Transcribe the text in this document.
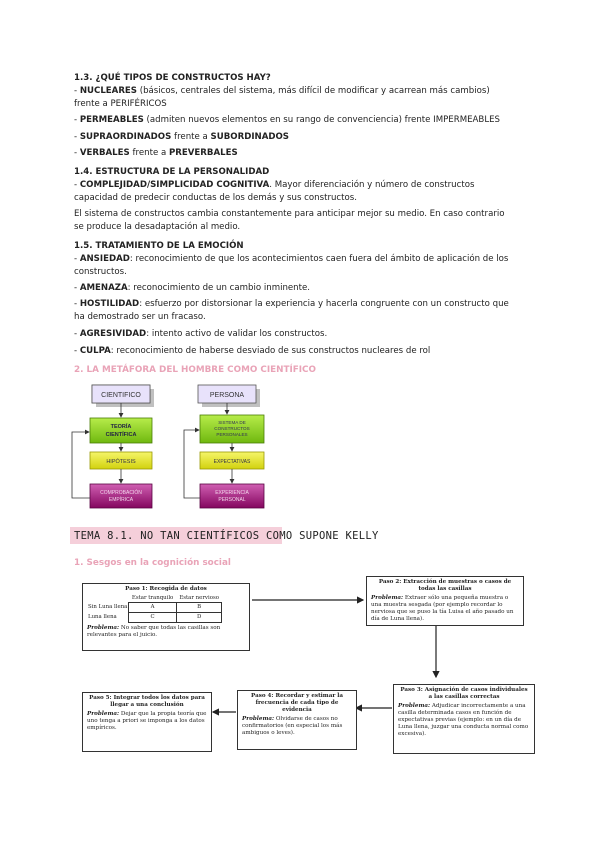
1.3. ¿QUÉ TIPOS DE CONSTRUCTOS HAY?
- NUCLEARES (básicos, centrales del sistema, más difícil de modificar y acarrean más cambios)
frente a PERIFÉRICOS
- PERMEABLES (admiten nuevos elementos en su rango de convenciencia) frente IMPERMEABLES
- SUPRAORDINADOS frente a SUBORDINADOS
- VERBALES frente a PREVERBALES
1.4. ESTRUCTURA DE LA PERSONALIDAD
- COMPLEJIDAD/SIMPLICIDAD COGNITIVA. Mayor diferenciación y número de constructos
capacidad de predecir conductas de los demás y sus constructos.
El sistema de constructos cambia constantemente para anticipar mejor su medio. En caso contrario
se produce la desadaptación al medio.
1.5. TRATAMIENTO DE LA EMOCIÓN
- ANSIEDAD: reconocimiento de que los acontecimientos caen fuera del ámbito de aplicación de los
constructos.
- AMENAZA: reconocimiento de un cambio inminente.
- HOSTILIDAD: esfuerzo por distorsionar la experiencia y hacerla congruente con un constructo que
ha demostrado ser un fracaso.
- AGRESIVIDAD: intento activo de validar los constructos.
- CULPA: reconocimiento de haberse desviado de sus constructos nucleares de rol
2. LA METÁFORA DEL HOMBRE COMO CIENTÍFICO
CIENTIFICO
TEORÍA CIENTÍFICA
HIPÓTESIS
COMPROBACIÓN EMPÍRICA
PERSONA
SISTEMA DE CONSTRUCTOS PERSONALES
EXPECTATIVAS
EXPERIENCIA PERSONAL
TEMA 8.1. NO TAN CIENTÍFICOS COMO SUPONE KELLY
1. Sesgos en la cognición social
Paso 1: Recogida de datos
	Estar tranquilo	Estar nervioso
Sin Luna llena	A	B
Luna llena	C	D
Problema: No saber que todas las casillas son relevantes para el juicio.
Paso 2: Extracción de muestras o casos de todas las casillas
Problema: Extraer sólo una pequeña muestra o una muestra sesgada (por ejemplo recordar lo nerviosa que se puso la tía Luisa el año pasado un día de Luna llena).
Paso 3: Asignación de casos individuales a las casillas correctas
Problema: Adjudicar incorrectamente a una casilla determinada casos en función de expectativas previas (ejemplo: en un día de Luna llena, juzgar una conducta normal como excesiva).
Paso 4: Recordar y estimar la frecuencia de cada tipo de evidencia
Problema: Olvidarse de casos no confirmatorios (en especial los más ambiguos o leves).
Paso 5: Integrar todos los datos para llegar a una conclusión
Problema: Dejar que la propia teoría que uno tenga a priori se imponga a los datos empíricos.
